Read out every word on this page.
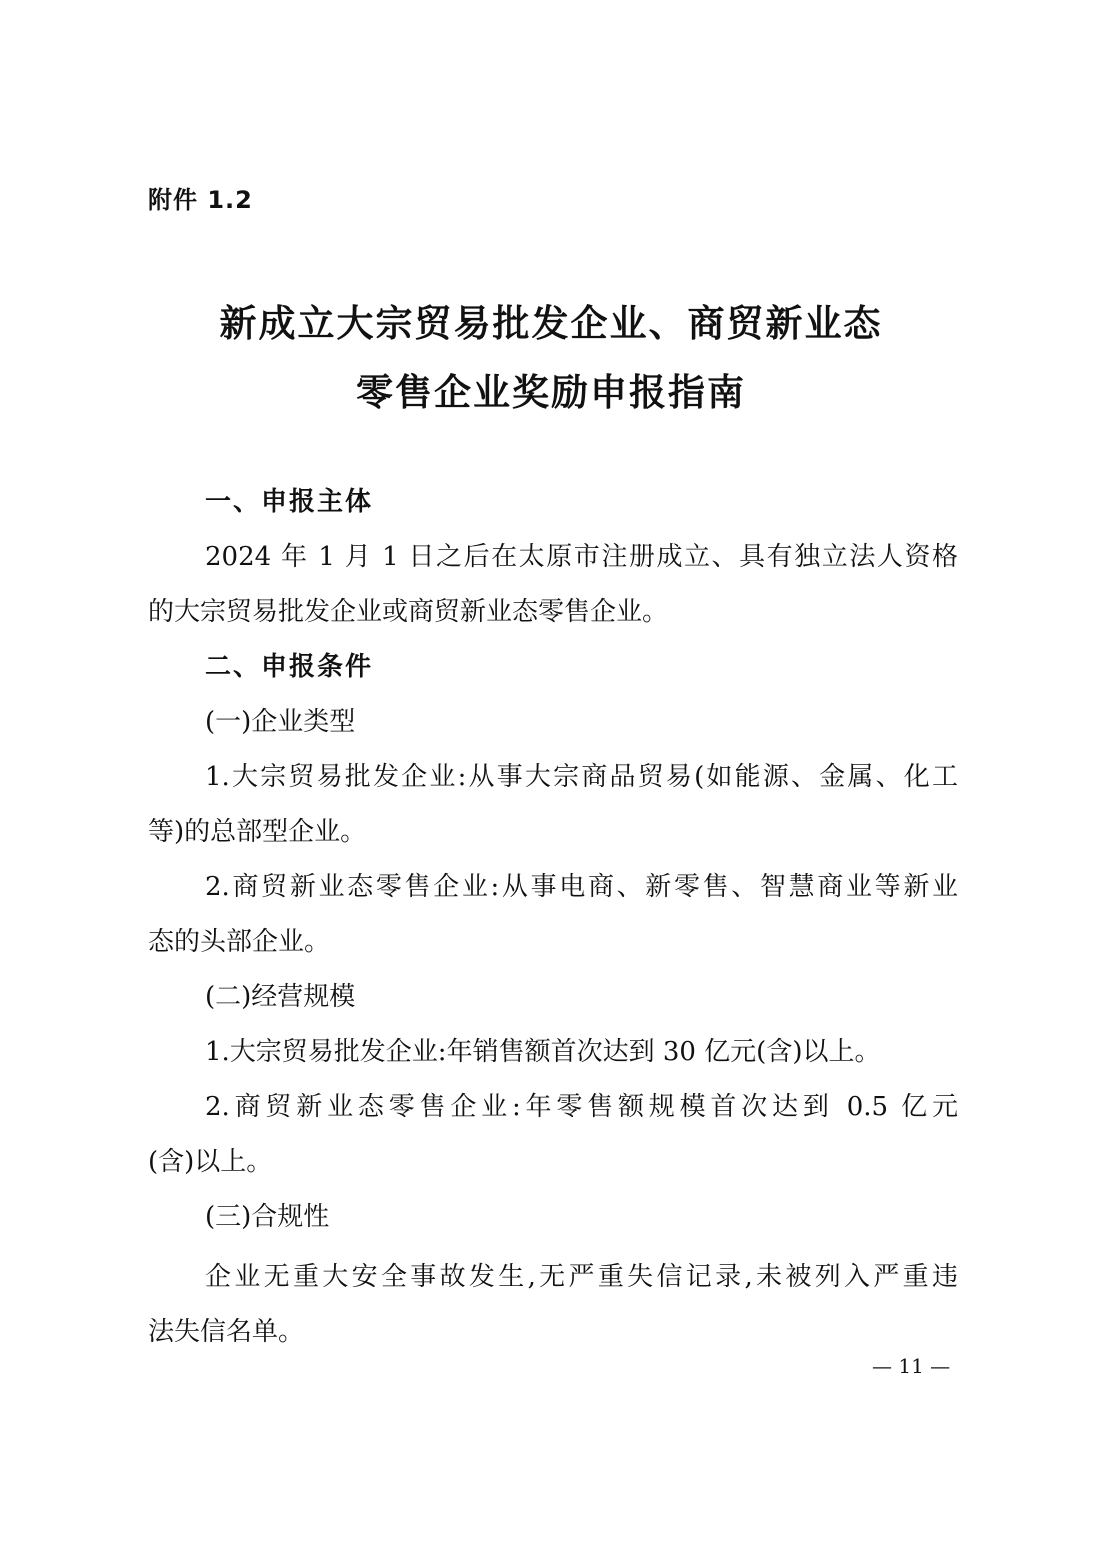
附件 1.2
新成立大宗贸易批发企业、商贸新业态
零售企业奖励申报指南
一、申报主体
2024 年 1 月 1 日之后在太原市注册成立、具有独立法人资格
的大宗贸易批发企业或商贸新业态零售企业。
二、申报条件
(一)企业类型
1.大宗贸易批发企业:从事大宗商品贸易(如能源、金属、化工
等)的总部型企业。
2.商贸新业态零售企业:从事电商、新零售、智慧商业等新业
态的头部企业。
(二)经营规模
1.大宗贸易批发企业:年销售额首次达到 30 亿元(含)以上。
2.商贸新业态零售企业:年零售额规模首次达到 0.5 亿元
(含)以上。
(三)合规性
企业无重大安全事故发生,无严重失信记录,未被列入严重违
法失信名单。
— 11 —
